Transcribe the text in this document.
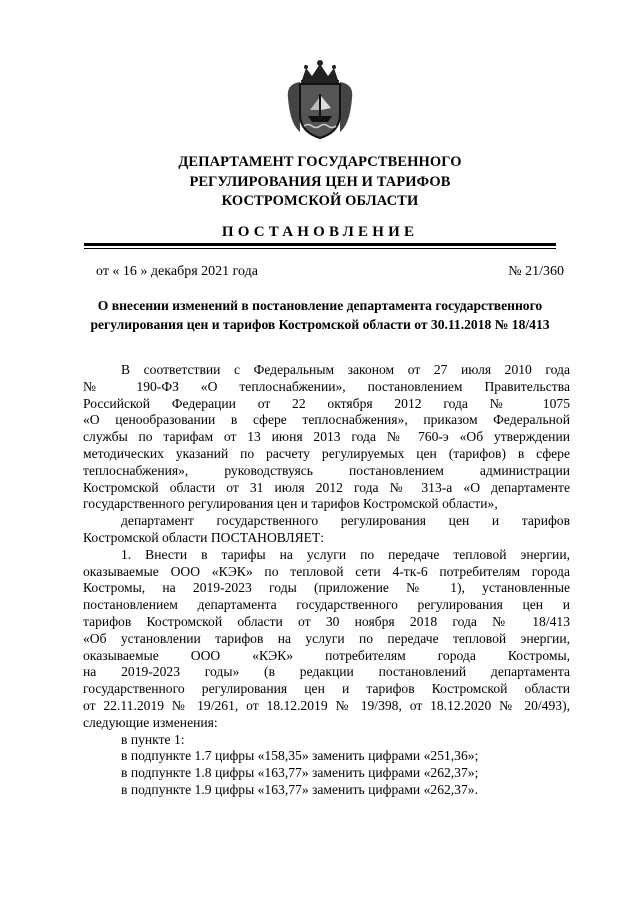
ДЕПАРТАМЕНТ ГОСУДАРСТВЕННОГО
РЕГУЛИРОВАНИЯ ЦЕН И ТАРИФОВ
КОСТРОМСКОЙ ОБЛАСТИ
ПОСТАНОВЛЕНИЕ
от « 16 » декабря 2021 года	№ 21/360
О внесении изменений в постановление департамента государственного
регулирования цен и тарифов Костромской области от 30.11.2018 № 18/413
В соответствии с Федеральным законом от 27 июля 2010 года
№ 190-ФЗ «О теплоснабжении», постановлением Правительства
Российской Федерации от 22 октября 2012 года № 1075
«О ценообразовании в сфере теплоснабжения», приказом Федеральной
службы по тарифам от 13 июня 2013 года № 760-э «Об утверждении
методических указаний по расчету регулируемых цен (тарифов) в сфере
теплоснабжения», руководствуясь постановлением администрации
Костромской области от 31 июля 2012 года № 313-а «О департаменте
государственного регулирования цен и тарифов Костромской области»,
департамент государственного регулирования цен и тарифов
Костромской области ПОСТАНОВЛЯЕТ:
1. Внести в тарифы на услуги по передаче тепловой энергии,
оказываемые ООО «КЭК» по тепловой сети 4-тк-6 потребителям города
Костромы, на 2019-2023 годы (приложение № 1), установленные
постановлением департамента государственного регулирования цен и
тарифов Костромской области от 30 ноября 2018 года № 18/413
«Об установлении тарифов на услуги по передаче тепловой энергии,
оказываемые ООО «КЭК» потребителям города Костромы,
на 2019-2023 годы» (в редакции постановлений департамента
государственного регулирования цен и тарифов Костромской области
от 22.11.2019 № 19/261, от 18.12.2019 № 19/398, от 18.12.2020 № 20/493),
следующие изменения:
в пункте 1:
в подпункте 1.7 цифры «158,35» заменить цифрами «251,36»;
в подпункте 1.8 цифры «163,77» заменить цифрами «262,37»;
в подпункте 1.9 цифры «163,77» заменить цифрами «262,37».
